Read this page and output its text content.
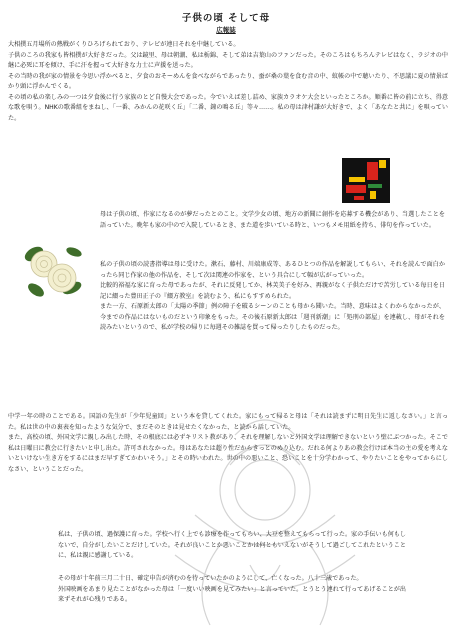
子供の頃 そして母
広報誌

大相撲五月場所の熱戦がくりひろげられており、テレビが連日それを中継している。
子供のころの我家も皆相撲が大好きだった。父は鏡里、母は朝潮、私は栃錦、そして弟は吉葉山のファンだった。そのころはもちろんテレビはなく、ラジオの中継に必死に耳を傾け、手に汗を握って大好きな力士に声援を送った。
その当時の我が家の情景を今思い浮かべると、夕食のおそーめんを食べながらであったり、蚕が桑の葉を食む音の中、蚊帳の中で聴いたり、不思議に夏の情景ばかり頭に浮かんでくる。
その頃の私の楽しみの一つは夕食後に行う家族のとど自慢大会であった。今でいえば差し詰め、家族カラオケ大会といったところか。順番に皆の前に立ち、得意な歌を唄う。NHKの歌番組をまねし、「一番、みかんの花咲く丘」「二番、鐘の鳴る丘」等々……。私の母は津村謙が大好きで、よく「あなたと共に」を唄っていた。

母は子供の頃、作家になるのが夢だったとのこと。文学少女の頃、地方の新聞に創作を応募する機会があり、当選したことを語っていた。晩年も家の中ので入院しているとき、また道を歩いている時と、いつもメモ用紙を持ち、俳句を作っていた。

私の子供の頃の読書指導は母に受けた。漱石、藤村、川端康成等、あるひとつの作品を解説してもらい、それを読んで面白かったら同じ作家の他の作品を、そして次は関連の作家を、という具合にして幅が広がっていった。
比較的裕福な家に育った母であったが、それに反発してか、林芙美子を好み、再親がなく子供ただけで苦労している毎日を日記に綴った豊田正子の『綴方教室』を読むよう、私にもすすめられた。
また一方、石原新太郎の「太陽の季節」例の障子を破るシーンのことも母から聞いた。当時、意味はよくわからなかったが、今までの作品にはないものだという印象をもった。その後石原新太郎は「週刊新潮」に「処刑の部屋」を連載し、母がそれを読みたいというので、私が学校の帰りに毎週その雑誌を買って帰ったりしたものだった。

中学一年の時のことである。国語の先生が「少年児童回」という本を貸してくれた。家にもって帰ると母は「それは読まずに明日先生に返しなさい。」と言った。私は世の中の裏表を知ったような気分で、まだそのときは見せたくなかった、と読から話していた。
また、高校の頃、外国文学に親しみ出した時、その根底には必ずキリスト教があり、それを理解しないと外国文学は理解できないという壁にぶつかった。そこで私は日曜日に教会に行きたいと申し出た。許可されなかった。母はあなたは超り性だからきっとのめり込む。だれる何よりあの教会行けば本当の主の愛を考えないといけない生き方をするにはまだ早すぎてかわいそう。」とその時いわれた。世の中の悪いこと、恐いことを十分学わかって、やりたいことをやってからにしなさい、ということだった。

私は、子供の頃、過保護に育った。学校へ行く上でも診療を作ってもらい、大豆を整えてもらって行った。家の手伝いも何もしないで、自分がしたいことだけしていた。それが良いことか悪いことかは何ともいえないがそうして過ごしてこれたということに、私は親に感謝している。

その母が十年前三月二十日、確定申告が済むのを待っていたかのようにして、亡くなった。八十三歳であった。
外国映画をあまり見たことがなかった母は「一度いい映画を見てみたい」と言っていた。とうとう連れて行ってあげることが出来ずそれが心残りである。
